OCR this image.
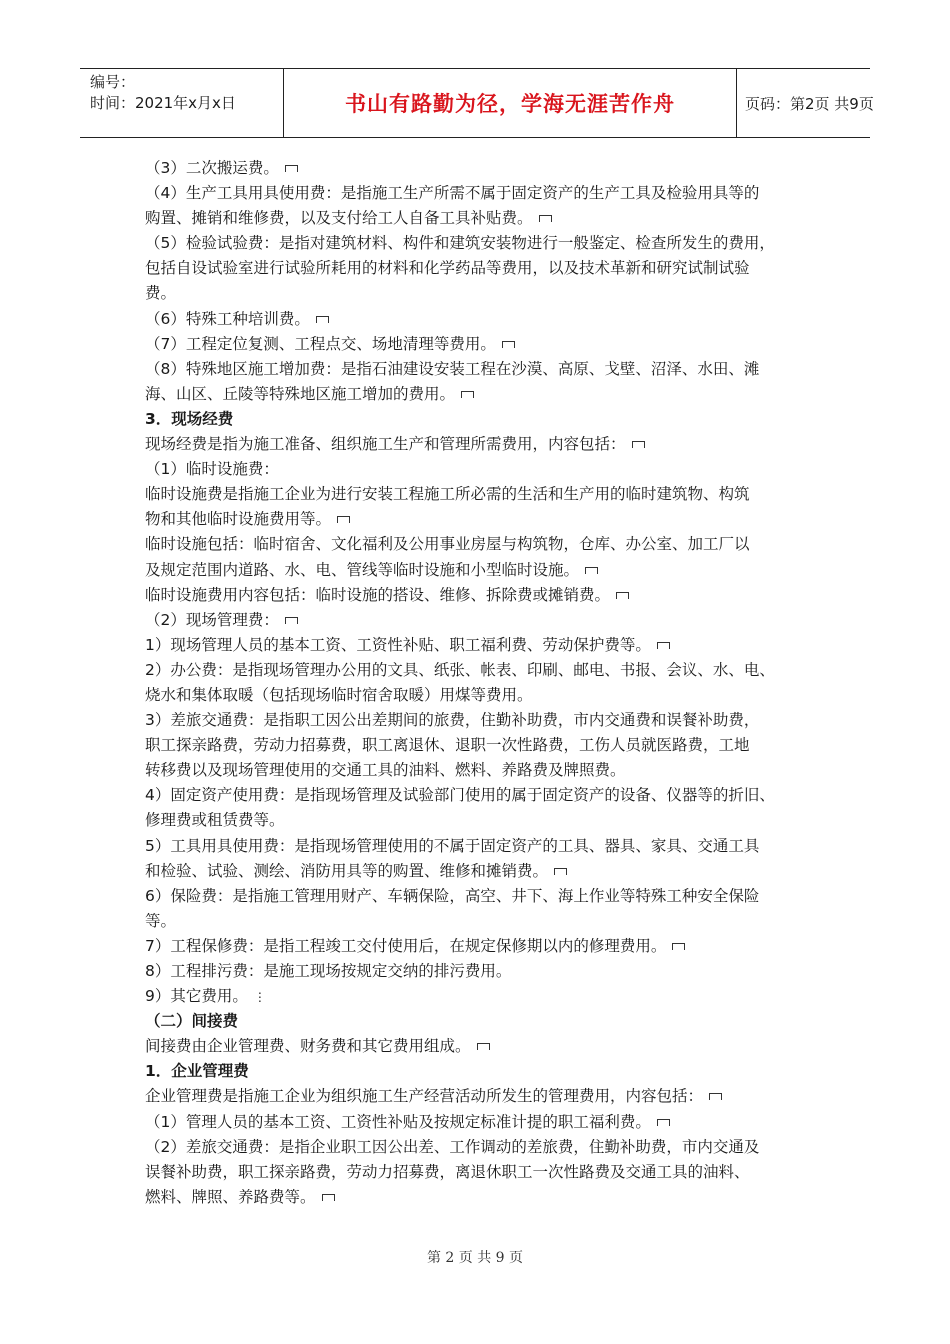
编号：
时间：2021年x月x日	书山有路勤为径，学海无涯苦作舟	页码：第2页 共9页
（3）二次搬运费。
（4）生产工具用具使用费：是指施工生产所需不属于固定资产的生产工具及检验用具等的
购置、摊销和维修费，以及支付给工人自备工具补贴费。
（5）检验试验费：是指对建筑材料、构件和建筑安装物进行一般鉴定、检查所发生的费用，
包括自设试验室进行试验所耗用的材料和化学药品等费用，以及技术革新和研究试制试验
费。
（6）特殊工种培训费。
（7）工程定位复测、工程点交、场地清理等费用。
（8）特殊地区施工增加费：是指石油建设安装工程在沙漠、高原、戈壁、沼泽、水田、滩
海、山区、丘陵等特殊地区施工增加的费用。
3．现场经费
现场经费是指为施工准备、组织施工生产和管理所需费用，内容包括：
（1）临时设施费：
临时设施费是指施工企业为进行安装工程施工所必需的生活和生产用的临时建筑物、构筑
物和其他临时设施费用等。
临时设施包括：临时宿舍、文化福利及公用事业房屋与构筑物，仓库、办公室、加工厂以
及规定范围内道路、水、电、管线等临时设施和小型临时设施。
临时设施费用内容包括：临时设施的搭设、维修、拆除费或摊销费。
（2）现场管理费：
1）现场管理人员的基本工资、工资性补贴、职工福利费、劳动保护费等。
2）办公费：是指现场管理办公用的文具、纸张、帐表、印刷、邮电、书报、会议、水、电、
烧水和集体取暖（包括现场临时宿舍取暖）用煤等费用。
3）差旅交通费：是指职工因公出差期间的旅费，住勤补助费，市内交通费和误餐补助费，
职工探亲路费，劳动力招募费，职工离退休、退职一次性路费，工伤人员就医路费，工地
转移费以及现场管理使用的交通工具的油料、燃料、养路费及牌照费。
4）固定资产使用费：是指现场管理及试验部门使用的属于固定资产的设备、仪器等的折旧、
修理费或租赁费等。
5）工具用具使用费：是指现场管理使用的不属于固定资产的工具、器具、家具、交通工具
和检验、试验、测绘、消防用具等的购置、维修和摊销费。
6）保险费：是指施工管理用财产、车辆保险，高空、井下、海上作业等特殊工种安全保险
等。
7）工程保修费：是指工程竣工交付使用后，在规定保修期以内的修理费用。
8）工程排污费：是施工现场按规定交纳的排污费用。
9）其它费用。 ⋮
（二）间接费
间接费由企业管理费、财务费和其它费用组成。
1．企业管理费
企业管理费是指施工企业为组织施工生产经营活动所发生的管理费用，内容包括：
（1）管理人员的基本工资、工资性补贴及按规定标准计提的职工福利费。
（2）差旅交通费：是指企业职工因公出差、工作调动的差旅费，住勤补助费，市内交通及
误餐补助费，职工探亲路费，劳动力招募费，离退休职工一次性路费及交通工具的油料、
燃料、牌照、养路费等。
第 2 页 共 9 页
